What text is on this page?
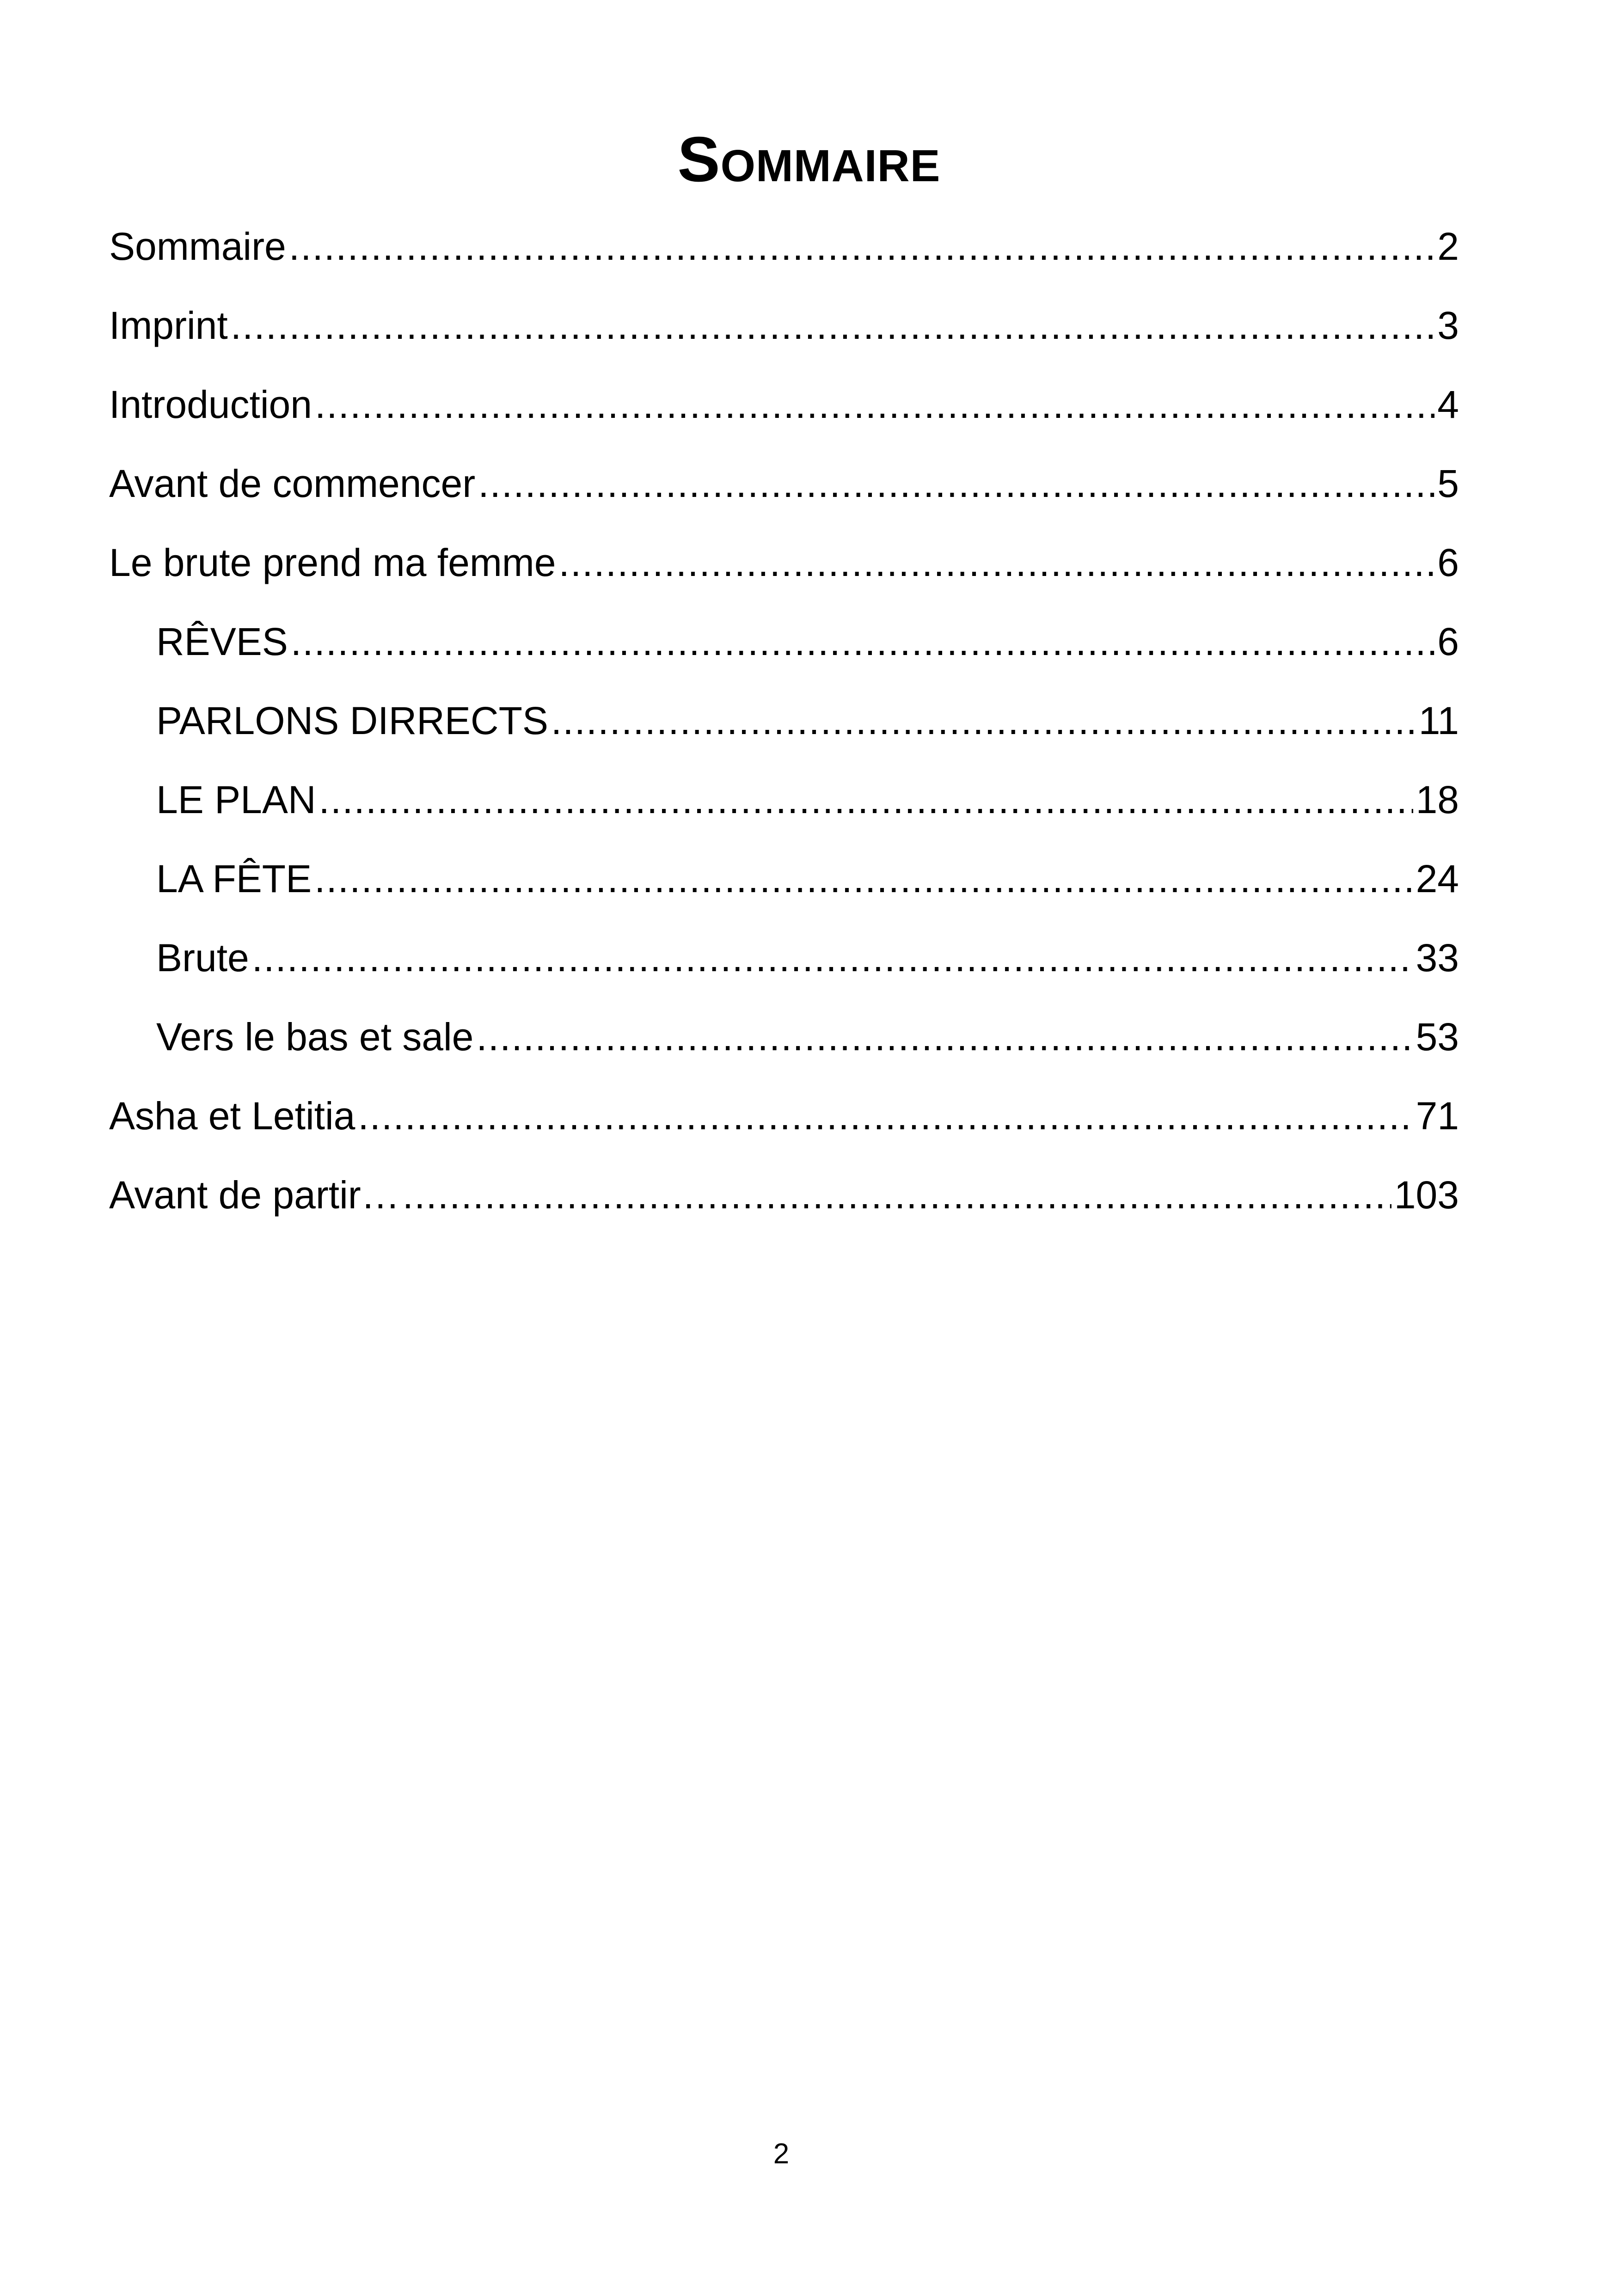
Sommaire
Sommaire .....	2
Imprint .....	3
Introduction .....	4
Avant de commencer .....	5
Le brute prend ma femme .....	6
RÊVES .....	6
PARLONS DIRRECTS .....	11
LE PLAN .....	18
LA FÊTE .....	24
Brute .....	33
Vers le bas et sale .....	53
Asha et Letitia .....	71
Avant de partir… .....	103
2
